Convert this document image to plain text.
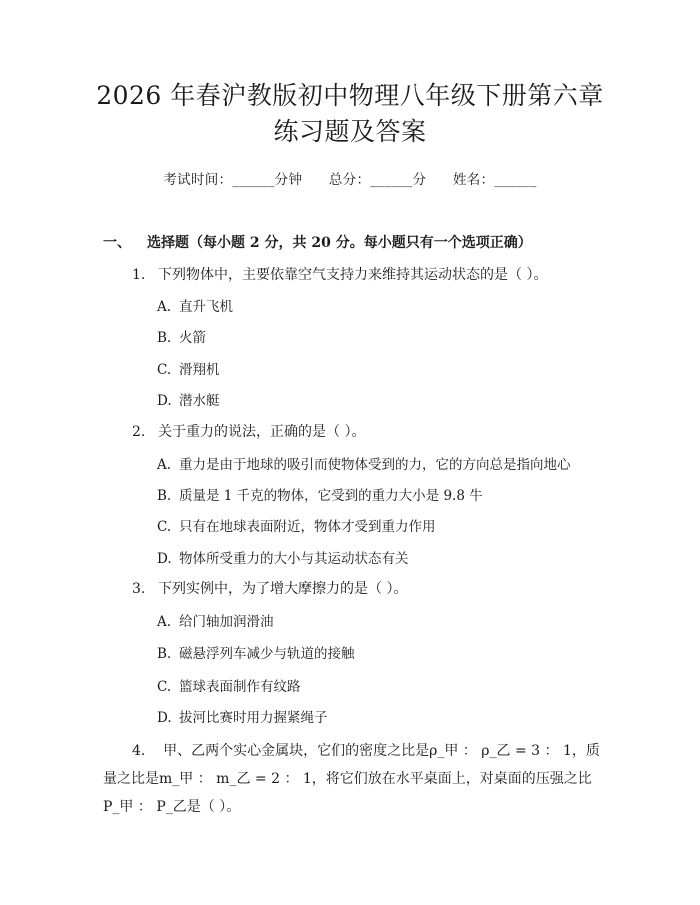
2026 年春沪教版初中物理八年级下册第六章
练习题及答案
考试时间：______分钟 总分：______分 姓名：______
一、 选择题（每小题 2 分，共 20 分。每小题只有一个选项正确）
1. 下列物体中，主要依靠空气支持力来维持其运动状态的是（ ）。
A. 直升飞机
B. 火箭
C. 滑翔机
D. 潜水艇
2. 关于重力的说法，正确的是（ ）。
A. 重力是由于地球的吸引而使物体受到的力，它的方向总是指向地心
B. 质量是 1 千克的物体，它受到的重力大小是 9.8 牛
C. 只有在地球表面附近，物体才受到重力作用
D. 物体所受重力的大小与其运动状态有关
3. 下列实例中，为了增大摩擦力的是（ ）。
A. 给门轴加润滑油
B. 磁悬浮列车减少与轨道的接触
C. 篮球表面制作有纹路
D. 拔河比赛时用力握紧绳子
4. 甲、乙两个实心金属块，它们的密度之比是ρ_甲 ： ρ_乙 = 3 ： 1，质量之比是m_甲 ： m_乙 = 2 ： 1，将它们放在水平桌面上，对桌面的压强之比P_甲 ： P_乙是（ ）。
